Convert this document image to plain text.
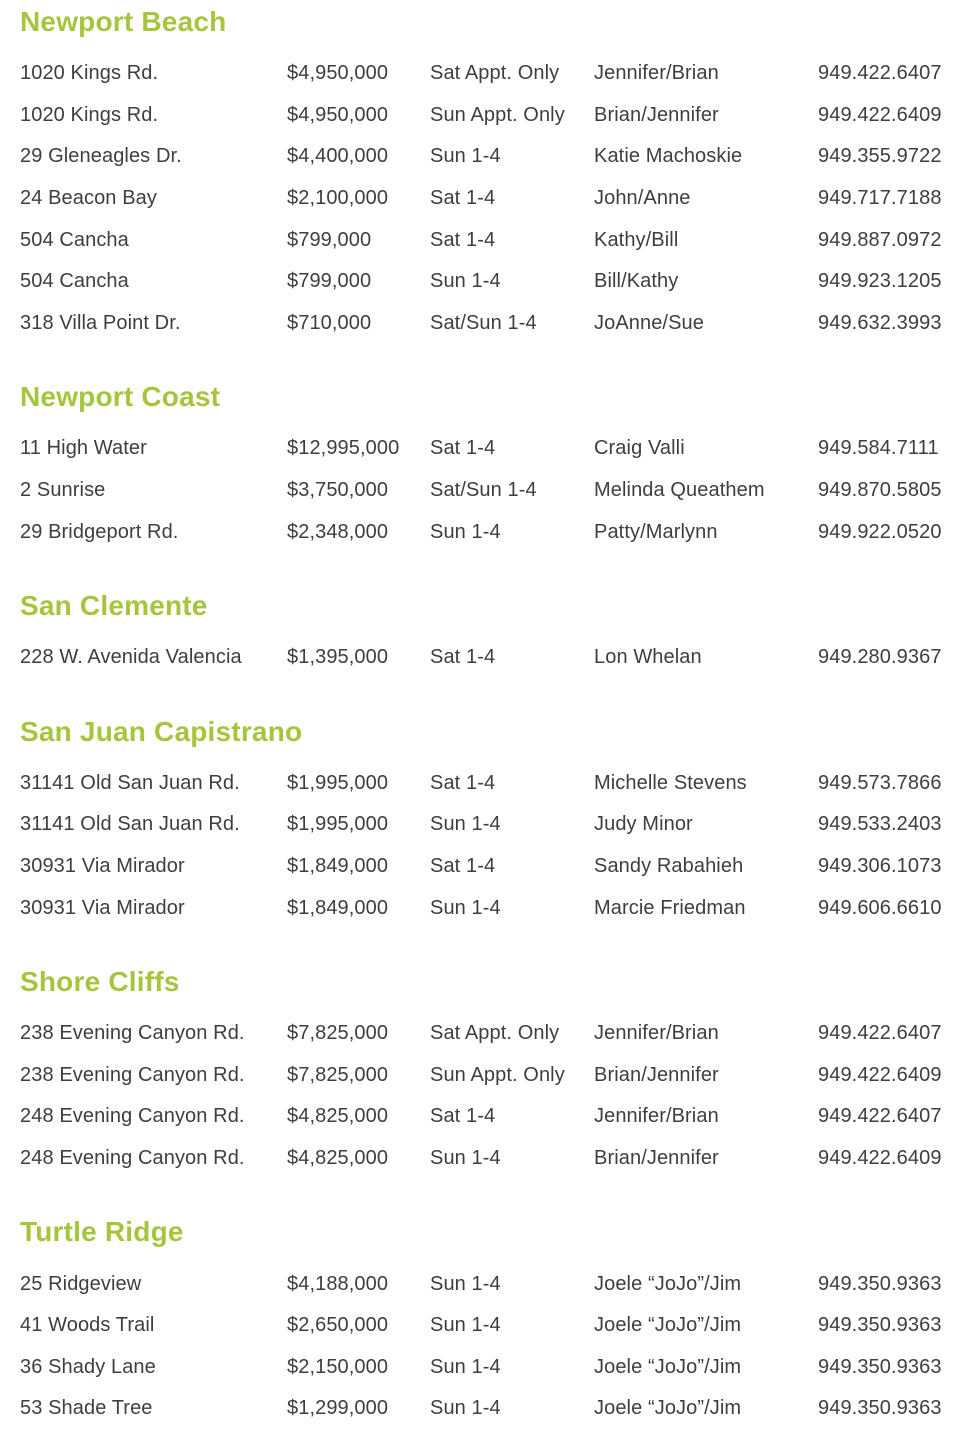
Newport Beach
1020 Kings Rd.	$4,950,000	Sat Appt. Only	Jennifer/Brian	949.422.6407
1020 Kings Rd.	$4,950,000	Sun Appt. Only	Brian/Jennifer	949.422.6409
29 Gleneagles Dr.	$4,400,000	Sun 1-4	Katie Machoskie	949.355.9722
24 Beacon Bay	$2,100,000	Sat 1-4	John/Anne	949.717.7188
504 Cancha	$799,000	Sat 1-4	Kathy/Bill	949.887.0972
504 Cancha	$799,000	Sun 1-4	Bill/Kathy	949.923.1205
318 Villa Point Dr.	$710,000	Sat/Sun 1-4	JoAnne/Sue	949.632.3993
Newport Coast
11 High Water	$12,995,000	Sat 1-4	Craig Valli	949.584.7111
2 Sunrise	$3,750,000	Sat/Sun 1-4	Melinda Queathem	949.870.5805
29 Bridgeport Rd.	$2,348,000	Sun 1-4	Patty/Marlynn	949.922.0520
San Clemente
228 W. Avenida Valencia	$1,395,000	Sat 1-4	Lon Whelan	949.280.9367
San Juan Capistrano
31141 Old San Juan Rd.	$1,995,000	Sat 1-4	Michelle Stevens	949.573.7866
31141 Old San Juan Rd.	$1,995,000	Sun 1-4	Judy Minor	949.533.2403
30931 Via Mirador	$1,849,000	Sat 1-4	Sandy Rabahieh	949.306.1073
30931 Via Mirador	$1,849,000	Sun 1-4	Marcie Friedman	949.606.6610
Shore Cliffs
238 Evening Canyon Rd.	$7,825,000	Sat Appt. Only	Jennifer/Brian	949.422.6407
238 Evening Canyon Rd.	$7,825,000	Sun Appt. Only	Brian/Jennifer	949.422.6409
248 Evening Canyon Rd.	$4,825,000	Sat 1-4	Jennifer/Brian	949.422.6407
248 Evening Canyon Rd.	$4,825,000	Sun 1-4	Brian/Jennifer	949.422.6409
Turtle Ridge
25 Ridgeview	$4,188,000	Sun 1-4	Joele “JoJo”/Jim	949.350.9363
41 Woods Trail	$2,650,000	Sun 1-4	Joele “JoJo”/Jim	949.350.9363
36 Shady Lane	$2,150,000	Sun 1-4	Joele “JoJo”/Jim	949.350.9363
53 Shade Tree	$1,299,000	Sun 1-4	Joele “JoJo”/Jim	949.350.9363
